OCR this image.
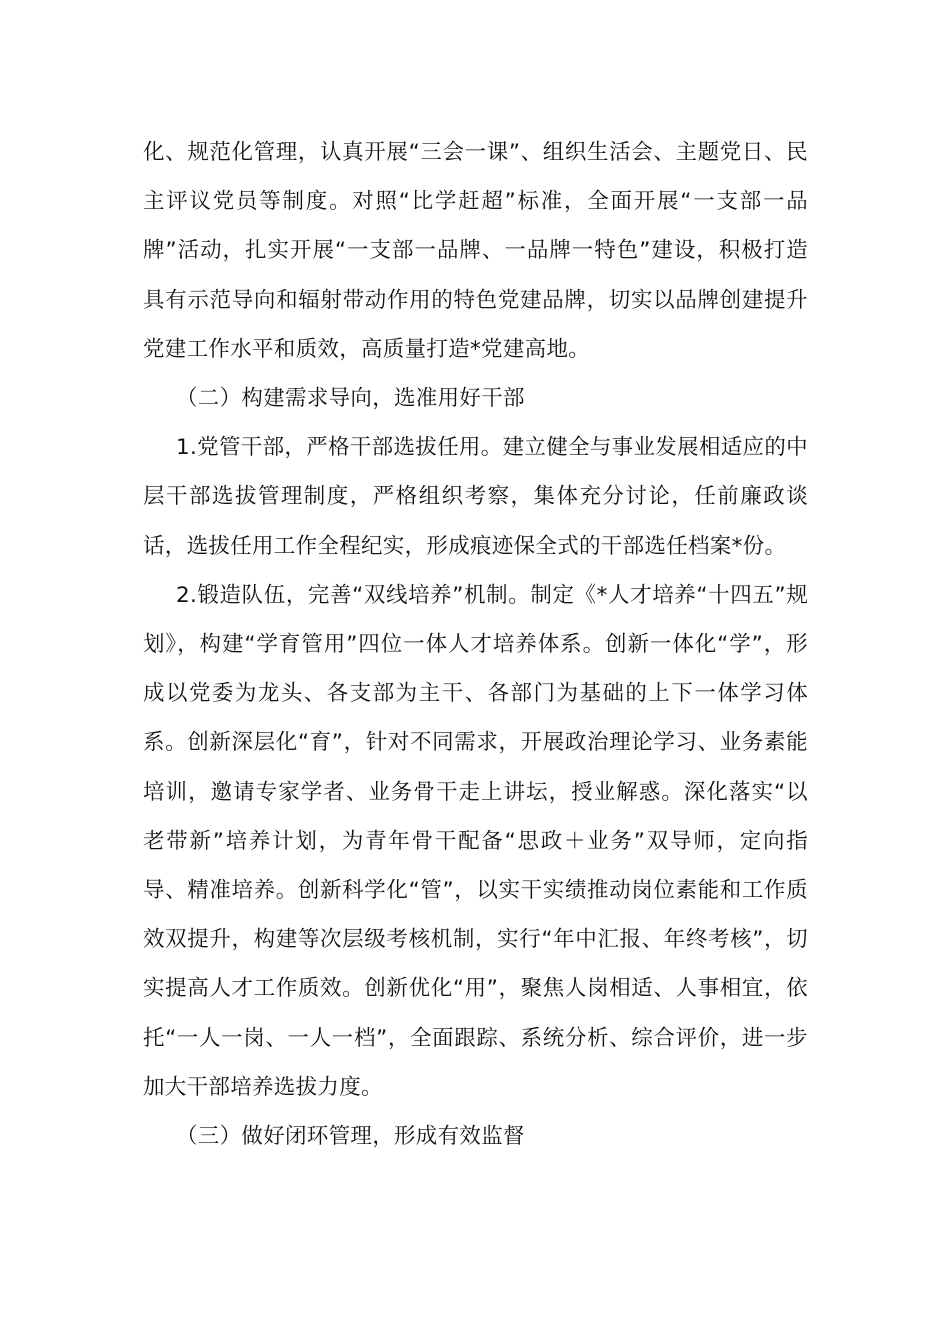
化、规范化管理，认真开展“三会一课”、组织生活会、主题党日、民主评议党员等制度。对照“比学赶超”标准，全面开展“一支部一品牌”活动，扎实开展“一支部一品牌、一品牌一特色”建设，积极打造具有示范导向和辐射带动作用的特色党建品牌，切实以品牌创建提升党建工作水平和质效，高质量打造*党建高地。

（二）构建需求导向，选准用好干部

1.党管干部，严格干部选拔任用。建立健全与事业发展相适应的中层干部选拔管理制度，严格组织考察，集体充分讨论，任前廉政谈话，选拔任用工作全程纪实，形成痕迹保全式的干部选任档案*份。

2.锻造队伍，完善“双线培养”机制。制定《*人才培养“十四五”规划》，构建“学育管用”四位一体人才培养体系。创新一体化“学”，形成以党委为龙头、各支部为主干、各部门为基础的上下一体学习体系。创新深层化“育”，针对不同需求，开展政治理论学习、业务素能培训，邀请专家学者、业务骨干走上讲坛，授业解惑。深化落实“以老带新”培养计划，为青年骨干配备“思政＋业务”双导师，定向指导、精准培养。创新科学化“管”，以实干实绩推动岗位素能和工作质效双提升，构建等次层级考核机制，实行“年中汇报、年终考核”，切实提高人才工作质效。创新优化“用”，聚焦人岗相适、人事相宜，依托“一人一岗、一人一档”，全面跟踪、系统分析、综合评价，进一步加大干部培养选拔力度。

（三）做好闭环管理，形成有效监督
